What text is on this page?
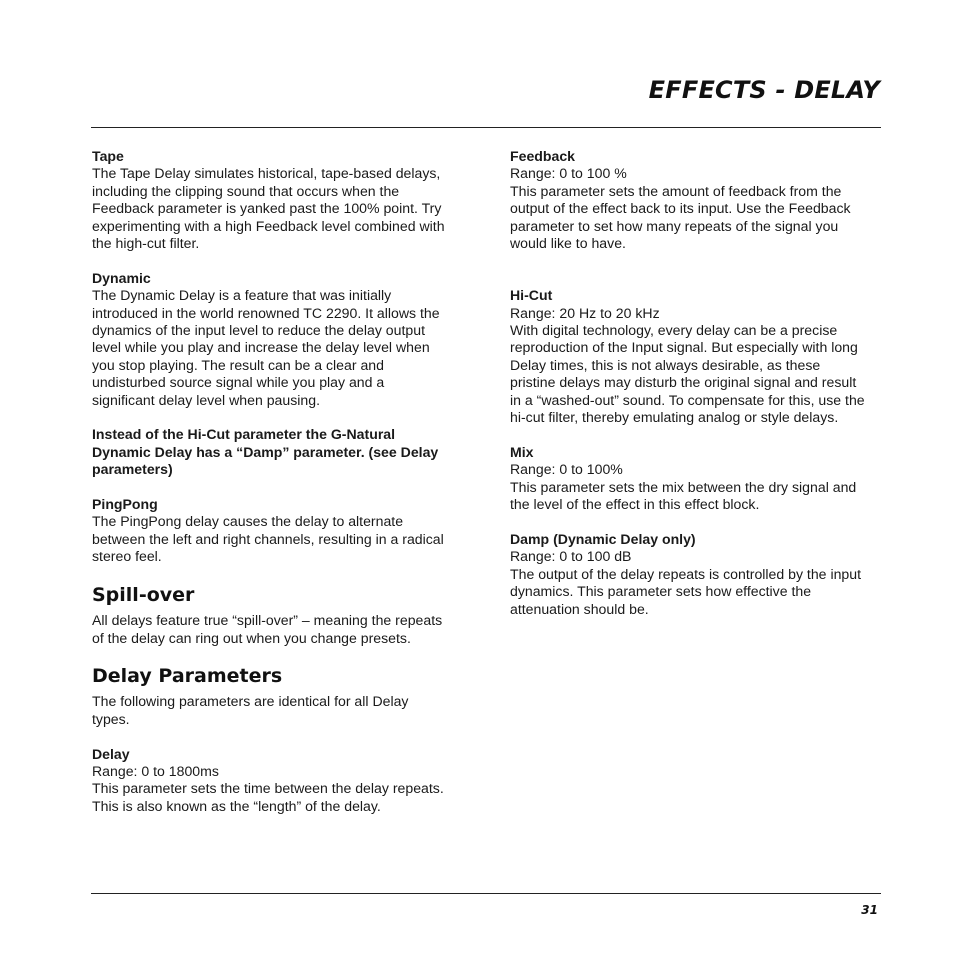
EFFECTS - DELAY
Tape
The Tape Delay simulates historical, tape-based delays,
including the clipping sound that occurs when the
Feedback parameter is yanked past the 100% point. Try
experimenting with a high Feedback level combined with
the high-cut filter.
Dynamic
The Dynamic Delay is a feature that was initially
introduced in the world renowned TC 2290. It allows the
dynamics of the input level to reduce the delay output
level while you play and increase the delay level when
you stop playing. The result can be a clear and
undisturbed source signal while you play and a
significant delay level when pausing.
Instead of the Hi-Cut parameter the G-Natural
Dynamic Delay has a “Damp” parameter. (see Delay
parameters)
PingPong
The PingPong delay causes the delay to alternate
between the left and right channels, resulting in a radical
stereo feel.
Spill-over
All delays feature true “spill-over” – meaning the repeats
of the delay can ring out when you change presets.
Delay Parameters
The following parameters are identical for all Delay
types.
Delay
Range: 0 to 1800ms
This parameter sets the time between the delay repeats.
This is also known as the “length” of the delay.
Feedback
Range: 0 to 100 %
This parameter sets the amount of feedback from the
output of the effect back to its input. Use the Feedback
parameter to set how many repeats of the signal you
would like to have.
Hi-Cut
Range: 20 Hz to 20 kHz
With digital technology, every delay can be a precise
reproduction of the Input signal. But especially with long
Delay times, this is not always desirable, as these
pristine delays may disturb the original signal and result
in a “washed-out” sound. To compensate for this, use the
hi-cut filter, thereby emulating analog or style delays.
Mix
Range: 0 to 100%
This parameter sets the mix between the dry signal and
the level of the effect in this effect block.
Damp (Dynamic Delay only)
Range: 0 to 100 dB
The output of the delay repeats is controlled by the input
dynamics. This parameter sets how effective the
attenuation should be.
31
